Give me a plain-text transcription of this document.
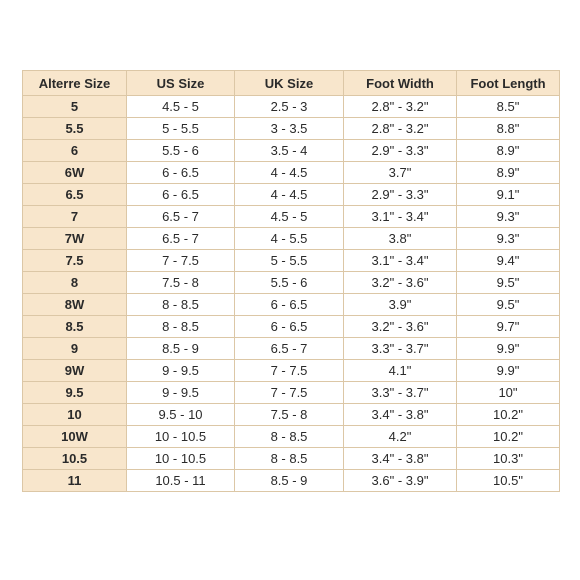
Alterre Size	US Size	UK Size	Foot Width	Foot Length
5	4.5 - 5	2.5 - 3	2.8" - 3.2"	8.5"
5.5	5 - 5.5	3 - 3.5	2.8" - 3.2"	8.8"
6	5.5 - 6	3.5 - 4	2.9" - 3.3"	8.9"
6W	6 - 6.5	4 - 4.5	3.7"	8.9"
6.5	6 - 6.5	4 - 4.5	2.9" - 3.3"	9.1"
7	6.5 - 7	4.5 - 5	3.1" - 3.4"	9.3"
7W	6.5 - 7	4 - 5.5	3.8"	9.3"
7.5	7 - 7.5	5 - 5.5	3.1" - 3.4"	9.4"
8	7.5 - 8	5.5 - 6	3.2" - 3.6"	9.5"
8W	8 - 8.5	6 - 6.5	3.9"	9.5"
8.5	8 - 8.5	6 - 6.5	3.2" - 3.6"	9.7"
9	8.5 - 9	6.5 - 7	3.3" - 3.7"	9.9"
9W	9 - 9.5	7 - 7.5	4.1"	9.9"
9.5	9 - 9.5	7 - 7.5	3.3" - 3.7"	10"
10	9.5 - 10	7.5 - 8	3.4" - 3.8"	10.2"
10W	10 - 10.5	8 - 8.5	4.2"	10.2"
10.5	10 - 10.5	8 - 8.5	3.4" - 3.8"	10.3"
11	10.5 - 11	8.5 - 9	3.6" - 3.9"	10.5"
